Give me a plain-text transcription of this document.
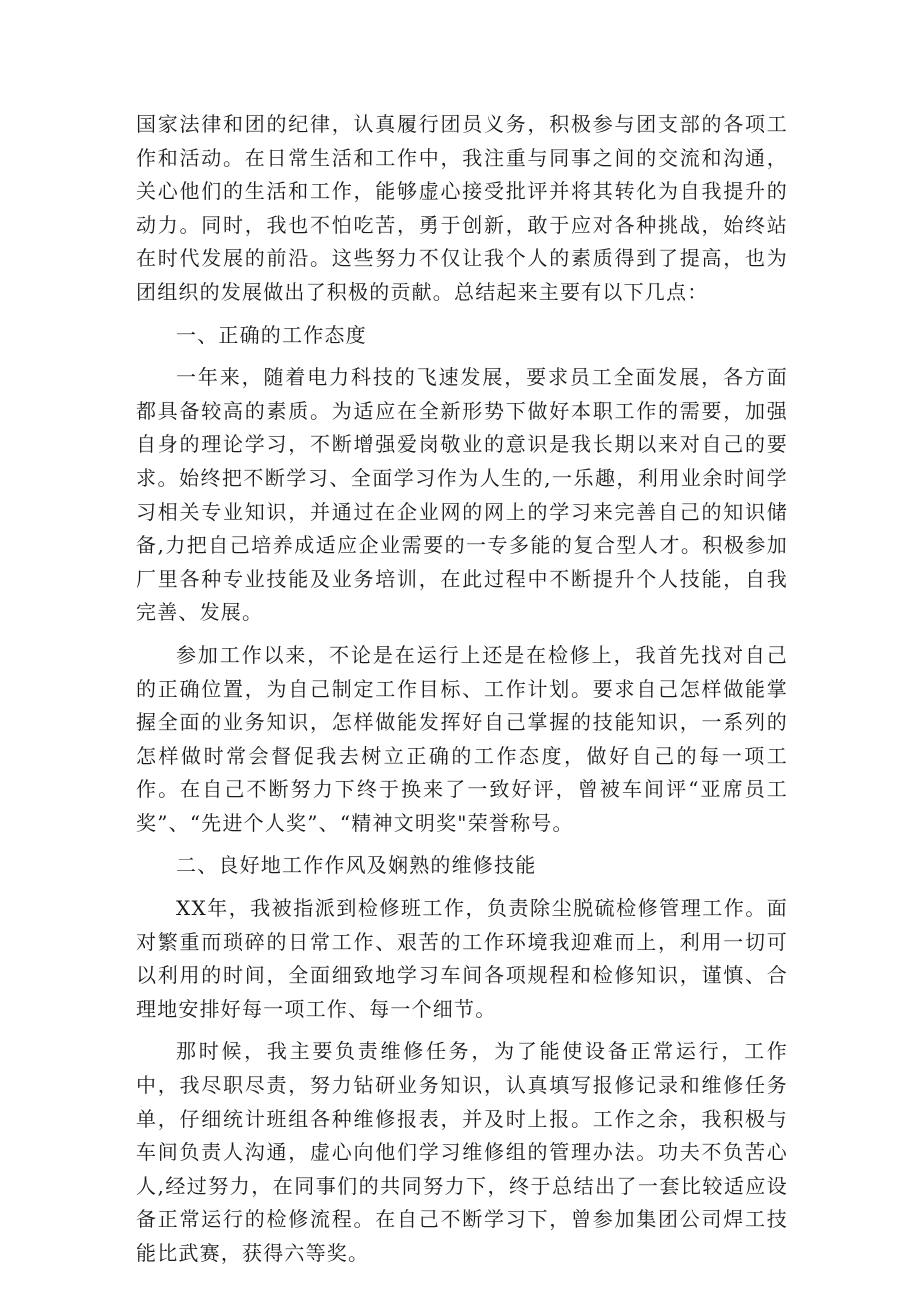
国家法律和团的纪律，认真履行团员义务，积极参与团支部的各项工作和活动。在日常生活和工作中，我注重与同事之间的交流和沟通，关心他们的生活和工作，能够虚心接受批评并将其转化为自我提升的动力。同时，我也不怕吃苦，勇于创新，敢于应对各种挑战，始终站在时代发展的前沿。这些努力不仅让我个人的素质得到了提高，也为团组织的发展做出了积极的贡献。总结起来主要有以下几点：

一、正确的工作态度

一年来，随着电力科技的飞速发展，要求员工全面发展，各方面都具备较高的素质。为适应在全新形势下做好本职工作的需要，加强自身的理论学习，不断增强爱岗敬业的意识是我长期以来对自己的要求。始终把不断学习、全面学习作为人生的,一乐趣，利用业余时间学习相关专业知识，并通过在企业网的网上的学习来完善自己的知识储备,力把自己培养成适应企业需要的一专多能的复合型人才。积极参加厂里各种专业技能及业务培训，在此过程中不断提升个人技能，自我完善、发展。

参加工作以来，不论是在运行上还是在检修上，我首先找对自己的正确位置，为自己制定工作目标、工作计划。要求自己怎样做能掌握全面的业务知识，怎样做能发挥好自己掌握的技能知识，一系列的怎样做时常会督促我去树立正确的工作态度，做好自己的每一项工作。在自己不断努力下终于换来了一致好评，曾被车间评“亚席员工奖”、“先进个人奖”、“精神文明奖"荣誉称号。

二、良好地工作作风及娴熟的维修技能

XX年，我被指派到检修班工作，负责除尘脱硫检修管理工作。面对繁重而琐碎的日常工作、艰苦的工作环境我迎难而上，利用一切可以利用的时间，全面细致地学习车间各项规程和检修知识，谨慎、合理地安排好每一项工作、每一个细节。

那时候，我主要负责维修任务，为了能使设备正常运行，工作中，我尽职尽责，努力钻研业务知识，认真填写报修记录和维修任务单，仔细统计班组各种维修报表，并及时上报。工作之余，我积极与车间负责人沟通，虚心向他们学习维修组的管理办法。功夫不负苦心人,经过努力，在同事们的共同努力下，终于总结出了一套比较适应设备正常运行的检修流程。在自己不断学习下，曾参加集团公司焊工技能比武赛，获得六等奖。
